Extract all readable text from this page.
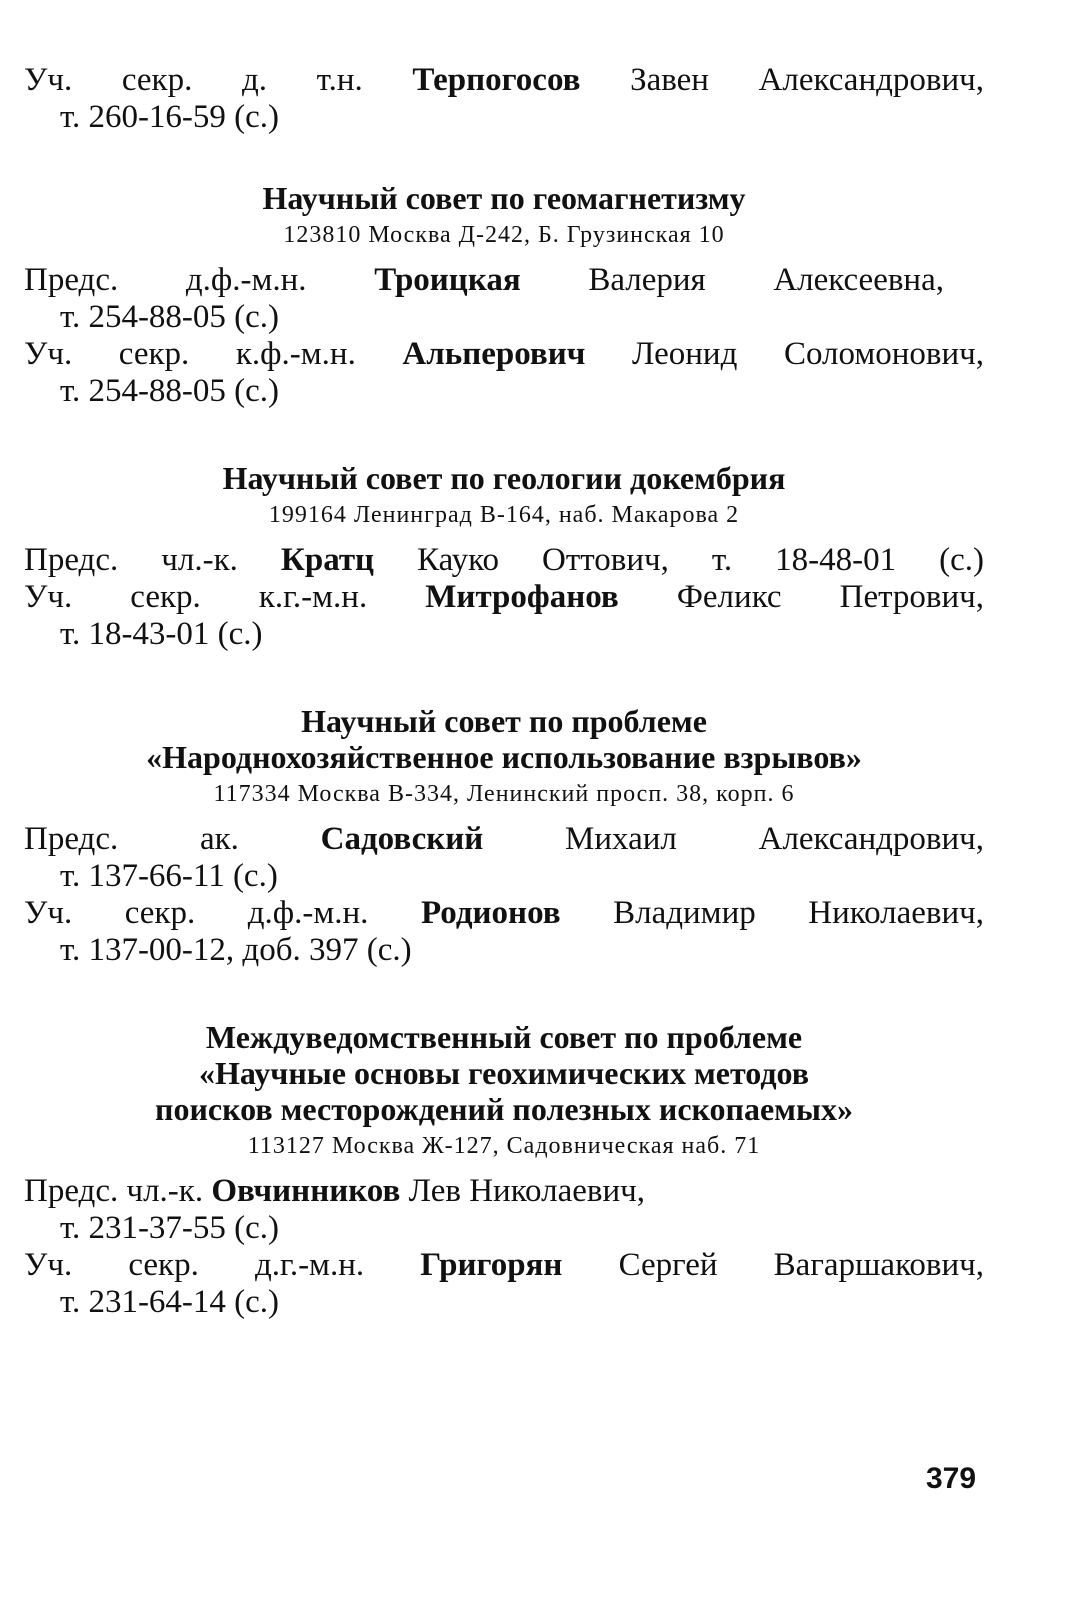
Уч. секр. д. т.н. Терпогосов Завен Александрович,
т. 260-16-59 (с.)

Научный совет по геомагнетизму

123810 Москва Д-242, Б. Грузинская 10

Предс. д.ф.-м.н. Троицкая Валерия Алексеевна,
т. 254-88-05 (с.)

Уч. секр. к.ф.-м.н. Альперович Леонид Соломонович,
т. 254-88-05 (с.)

Научный совет по геологии докембрия

199164 Ленинград В-164, наб. Макарова 2

Предс. чл.-к. Кратц Кауко Оттович, т. 18-48-01 (с.)

Уч. секр. к.г.-м.н. Митрофанов Феликс Петрович,
т. 18-43-01 (с.)

Научный совет по проблеме

«Народнохозяйственное использование взрывов»

117334 Москва В-334, Ленинский просп. 38, корп. 6

Предс. ак. Садовский Михаил Александрович,
т. 137-66-11 (с.)

Уч. секр. д.ф.-м.н. Родионов Владимир Николаевич,
т. 137-00-12, доб. 397 (с.)

Междуведомственный совет по проблеме

«Научные основы геохимических методов

поисков месторождений полезных ископаемых»

113127 Москва Ж-127, Садовническая наб. 71

Предс. чл.-к. Овчинников Лев Николаевич,
т. 231-37-55 (с.)

Уч. секр. д.г.-м.н. Григорян Сергей Вагаршакович,
т. 231-64-14 (с.)

379
